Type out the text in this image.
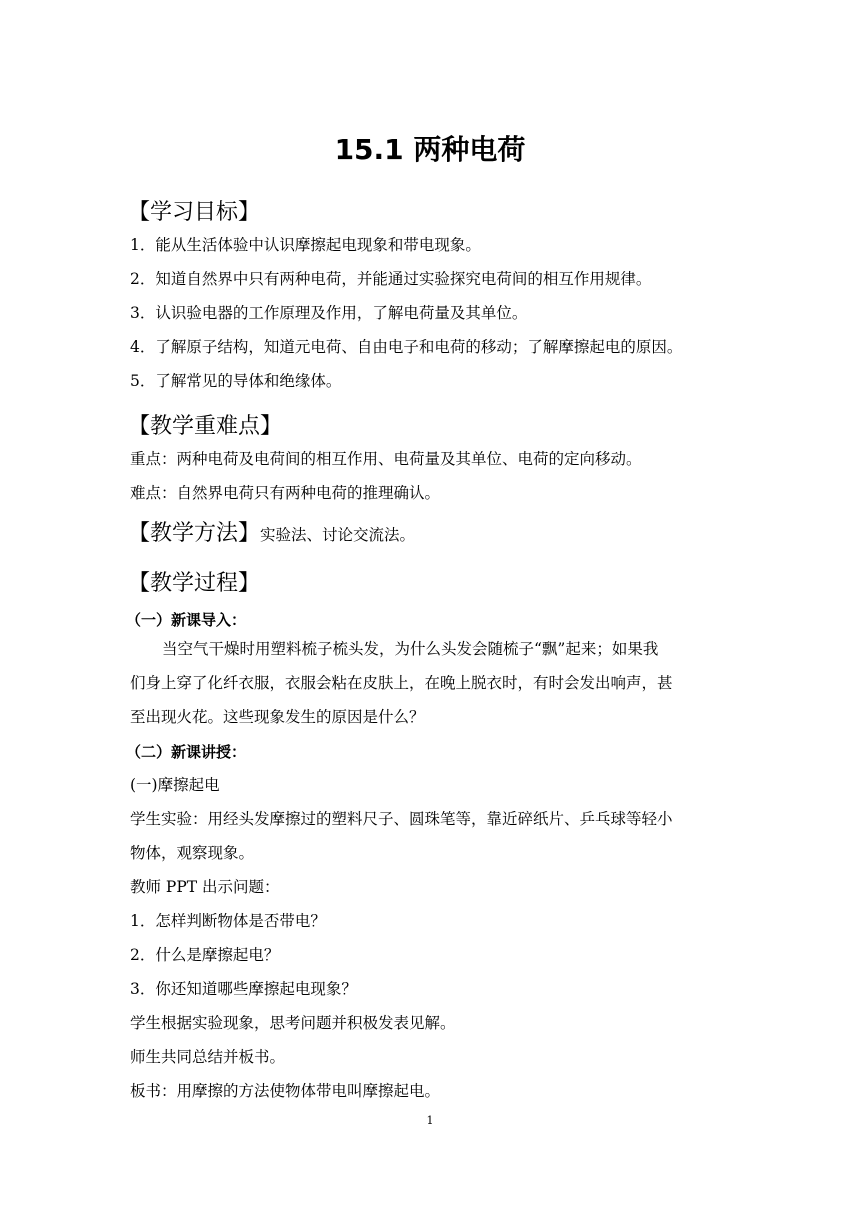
15.1 两种电荷
【学习目标】
1．能从生活体验中认识摩擦起电现象和带电现象。
2．知道自然界中只有两种电荷，并能通过实验探究电荷间的相互作用规律。
3．认识验电器的工作原理及作用，了解电荷量及其单位。
4．了解原子结构，知道元电荷、自由电子和电荷的移动；了解摩擦起电的原因。
5．了解常见的导体和绝缘体。
【教学重难点】
重点：两种电荷及电荷间的相互作用、电荷量及其单位、电荷的定向移动。
难点：自然界电荷只有两种电荷的推理确认。
【教学方法】实验法、讨论交流法。
【教学过程】
（一）新课导入：
当空气干燥时用塑料梳子梳头发，为什么头发会随梳子“飘”起来；如果我
们身上穿了化纤衣服，衣服会粘在皮肤上，在晚上脱衣时，有时会发出响声，甚
至出现火花。这些现象发生的原因是什么？
（二）新课讲授：
(一)摩擦起电
学生实验：用经头发摩擦过的塑料尺子、圆珠笔等，靠近碎纸片、乒乓球等轻小
物体，观察现象。
教师 PPT 出示问题：
1．怎样判断物体是否带电？
2．什么是摩擦起电？
3．你还知道哪些摩擦起电现象？
学生根据实验现象，思考问题并积极发表见解。
师生共同总结并板书。
板书：用摩擦的方法使物体带电叫摩擦起电。
1
